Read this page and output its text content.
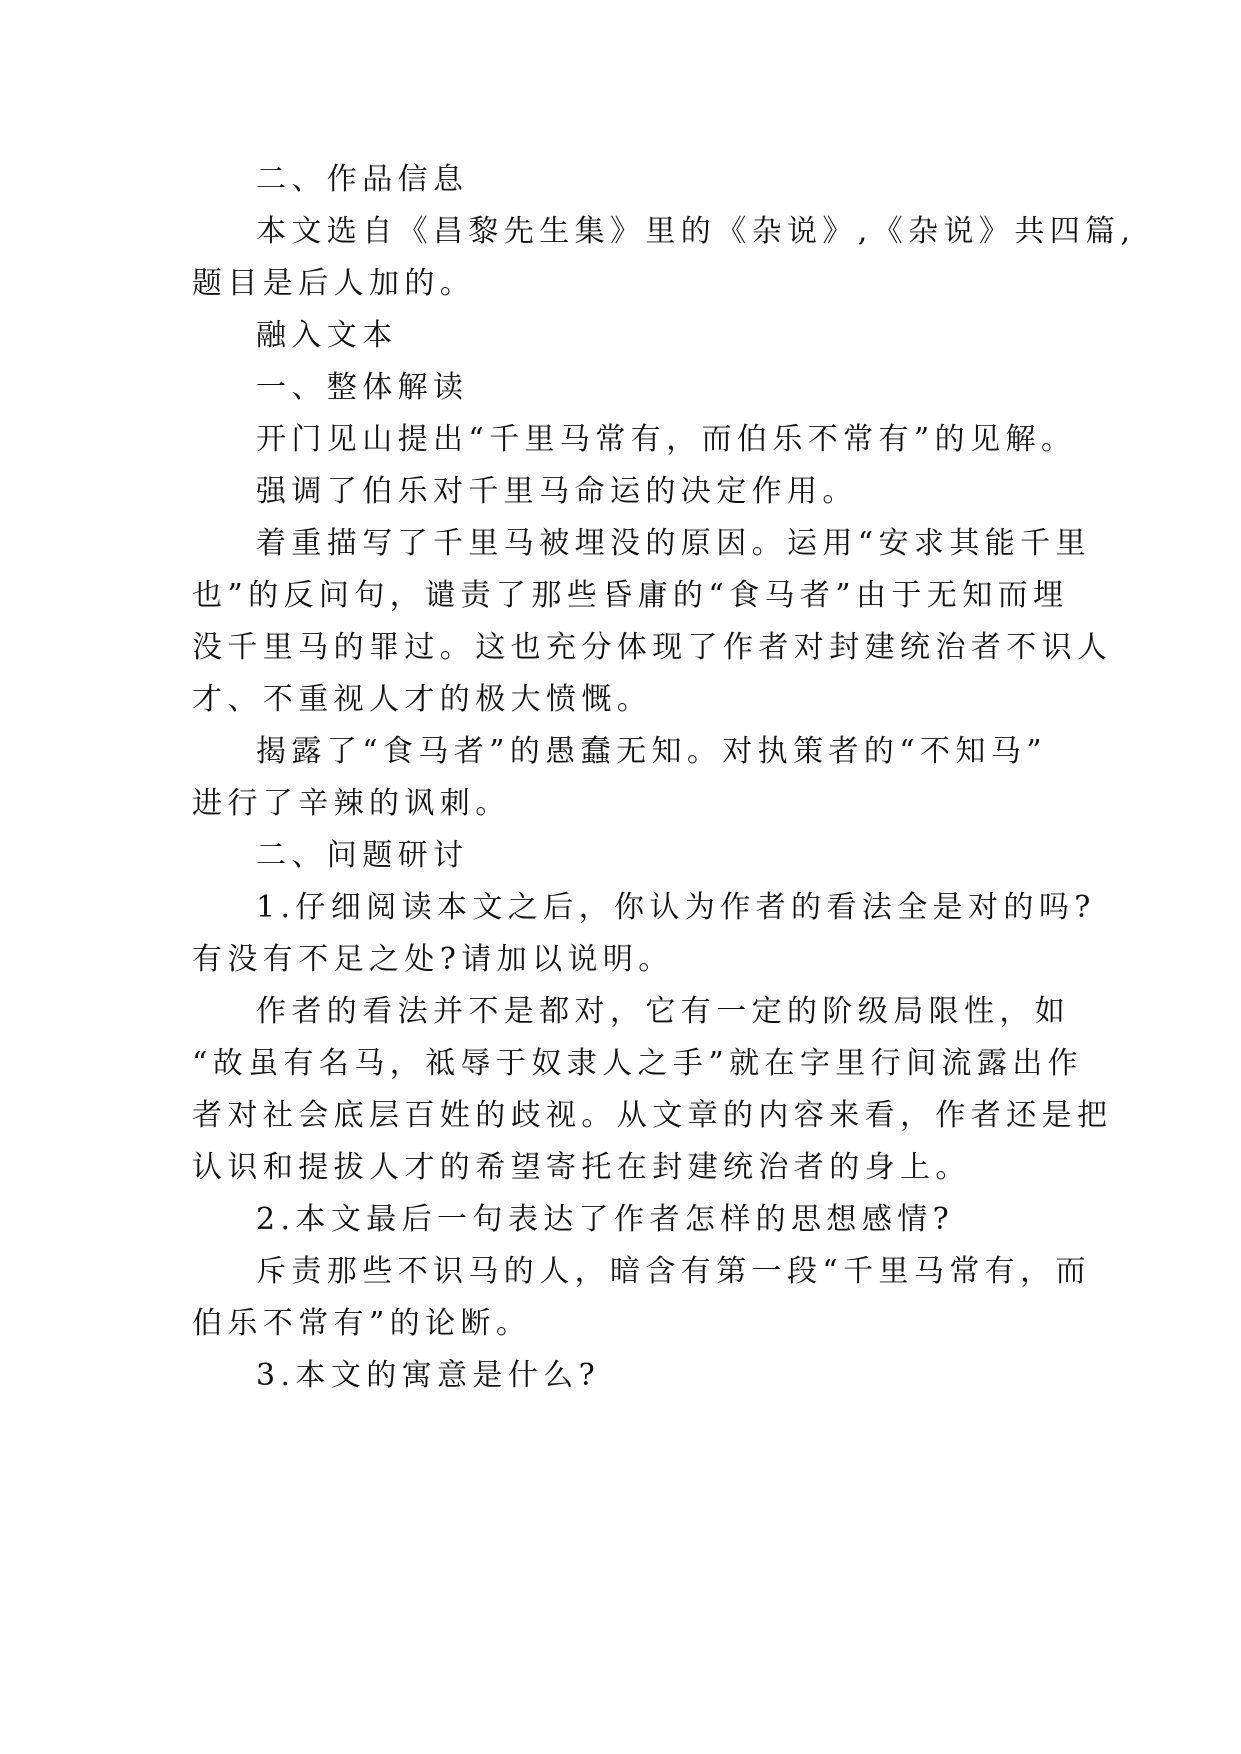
二、作品信息
本文选自《昌黎先生集》里的《杂说》,《杂说》共四篇,
题目是后人加的。
融入文本
一、整体解读
开门见山提出“千里马常有，而伯乐不常有”的见解。
强调了伯乐对千里马命运的决定作用。
着重描写了千里马被埋没的原因。运用“安求其能千里
也”的反问句，谴责了那些昏庸的“食马者”由于无知而埋
没千里马的罪过。这也充分体现了作者对封建统治者不识人
才、不重视人才的极大愤慨。
揭露了“食马者”的愚蠢无知。对执策者的“不知马”
进行了辛辣的讽刺。
二、问题研讨
1.仔细阅读本文之后，你认为作者的看法全是对的吗?
有没有不足之处?请加以说明。
作者的看法并不是都对，它有一定的阶级局限性，如
“故虽有名马，祗辱于奴隶人之手”就在字里行间流露出作
者对社会底层百姓的歧视。从文章的内容来看，作者还是把
认识和提拔人才的希望寄托在封建统治者的身上。
2.本文最后一句表达了作者怎样的思想感情?
斥责那些不识马的人，暗含有第一段“千里马常有，而
伯乐不常有”的论断。
3.本文的寓意是什么?
